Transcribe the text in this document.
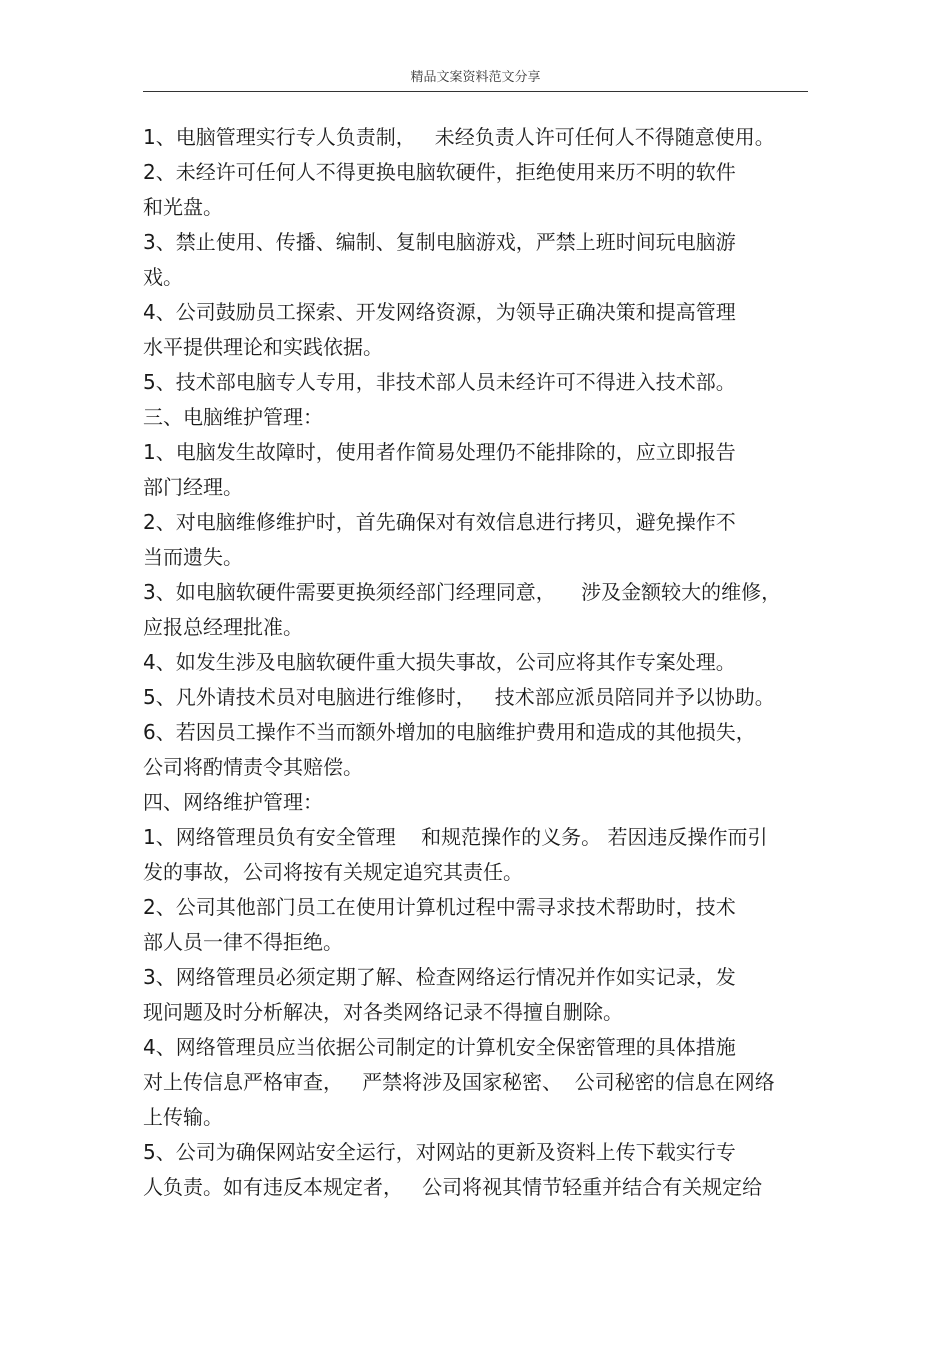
精品文案资料范文分享
1、电脑管理实行专人负责制，   未经负责人许可任何人不得随意使用。
2、未经许可任何人不得更换电脑软硬件，拒绝使用来历不明的软件
和光盘。
3、禁止使用、传播、编制、复制电脑游戏，严禁上班时间玩电脑游
戏。
4、公司鼓励员工探索、开发网络资源，为领导正确决策和提高管理
水平提供理论和实践依据。
5、技术部电脑专人专用，非技术部人员未经许可不得进入技术部。
三、电脑维护管理：
1、电脑发生故障时，使用者作简易处理仍不能排除的，应立即报告
部门经理。
2、对电脑维修维护时，首先确保对有效信息进行拷贝，避免操作不
当而遗失。
3、如电脑软硬件需要更换须经部门经理同意，    涉及金额较大的维修，
应报总经理批准。
4、如发生涉及电脑软硬件重大损失事故，公司应将其作专案处理。
5、凡外请技术员对电脑进行维修时，   技术部应派员陪同并予以协助。
6、若因员工操作不当而额外增加的电脑维护费用和造成的其他损失，
公司将酌情责令其赔偿。
四、网络维护管理：
1、网络管理员负有安全管理    和规范操作的义务。 若因违反操作而引
发的事故，公司将按有关规定追究其责任。
2、公司其他部门员工在使用计算机过程中需寻求技术帮助时，技术
部人员一律不得拒绝。
3、网络管理员必须定期了解、检查网络运行情况并作如实记录，发
现问题及时分析解决，对各类网络记录不得擅自删除。
4、网络管理员应当依据公司制定的计算机安全保密管理的具体措施
对上传信息严格审查，   严禁将涉及国家秘密、  公司秘密的信息在网络
上传输。
5、公司为确保网站安全运行，对网站的更新及资料上传下载实行专
人负责。如有违反本规定者，   公司将视其情节轻重并结合有关规定给
